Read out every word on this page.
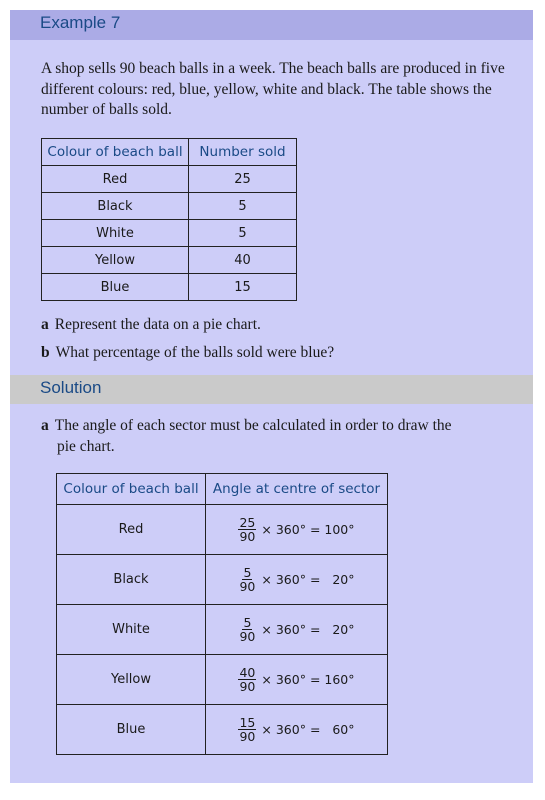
Example 7

A shop sells 90 beach balls in a week. The beach balls are produced in five different colours: red, blue, yellow, white and black. The table shows the number of balls sold.

Colour of beach ball	Number sold
Red	25
Black	5
White	5
Yellow	40
Blue	15

a Represent the data on a pie chart.

b What percentage of the balls sold were blue?

Solution

a The angle of each sector must be calculated in order to draw the
pie chart.

Colour of beach ball	Angle at centre of sector
Red	$\frac{25}{90} \times 360^\circ$
= 100°

Black	$\frac{5}{90} \times 360^\circ$
=   20°

White	$\frac{5}{90} \times 360^\circ$
=   20°

Yellow	$\frac{40}{90} \times 360^\circ$
= 160°

Blue	$\frac{15}{90} \times 360^\circ$
=   60°
